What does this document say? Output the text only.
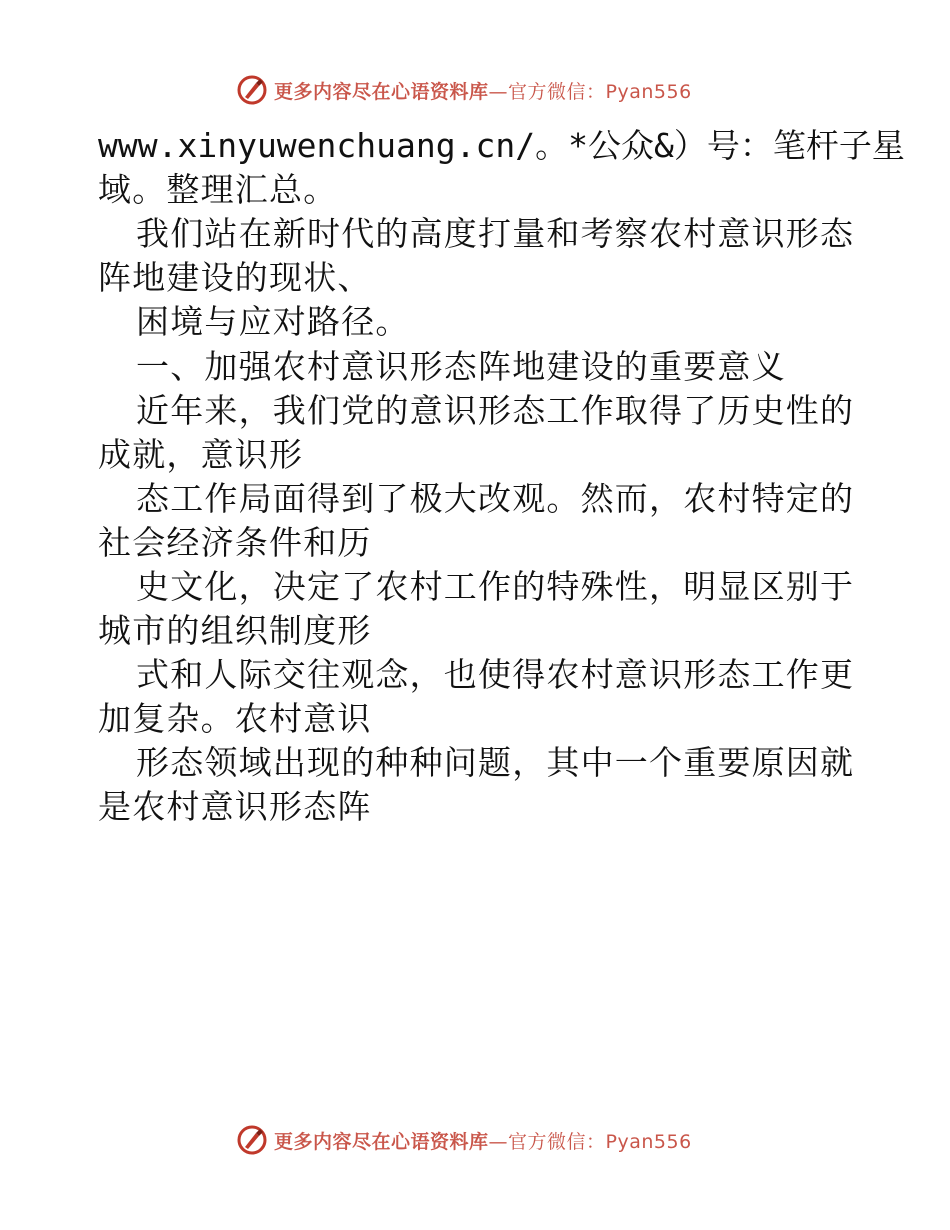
更多内容尽在心语资料库—官方微信：Pyan556
www.xinyuwenchuang.cn/。*公众&）号：笔杆子星
域。整理汇总。
我们站在新时代的高度打量和考察农村意识形态
阵地建设的现状、
困境与应对路径。
一、加强农村意识形态阵地建设的重要意义
近年来，我们党的意识形态工作取得了历史性的
成就，意识形
态工作局面得到了极大改观。然而，农村特定的
社会经济条件和历
史文化，决定了农村工作的特殊性，明显区别于
城市的组织制度形
式和人际交往观念，也使得农村意识形态工作更
加复杂。农村意识
形态领域出现的种种问题，其中一个重要原因就
是农村意识形态阵
更多内容尽在心语资料库—官方微信：Pyan556
